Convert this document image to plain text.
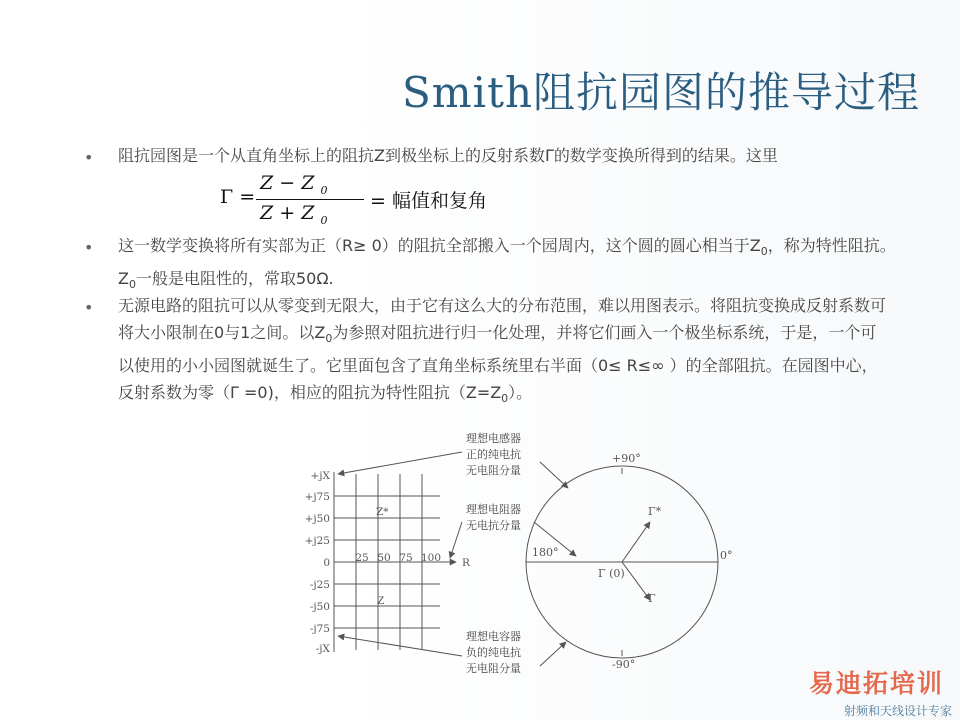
Smith阻抗园图的推导过程
• 阻抗园图是一个从直角坐标上的阻抗Z到极坐标上的反射系数Γ的数学变换所得到的结果。这里
Γ =
Z − Z $_0$
Z + Z $_0$
= 幅值和复角
• 这一数学变换将所有实部为正（R≥ 0）的阻抗全部搬入一个园周内，这个圆的圆心相当于$Z_0$，称为特性阻抗。$Z_0$一般是电阻性的，常取50Ω.
• 无源电路的阻抗可以从零变到无限大，由于它有这么大的分布范围，难以用图表示。将阻抗变换成反射系数可将大小限制在0与1之间。以$Z_0$为参照对阻抗进行归一化处理，并将它们画入一个极坐标系统，于是，一个可以使用的小小园图就诞生了。它里面包含了直角坐标系统里右半面（0≤ R≤∞ ）的全部阻抗。在园图中心，反射系数为零（Γ =0)，相应的阻抗为特性阻抗$(Z=Z_0)$。
+jX
+j75
+j50
+j25
0
-j25
-j50
-j75
-jX
25 50 75 100 R
Z*
Z
+90°
0°
180°
-90°
Γ (0)
Γ*
Γ
理想电感器
正的纯电抗
无电阻分量
理想电阻器
无电抗分量
理想电容器
负的纯电抗
无电阻分量
易迪拓培训
射频和天线设计专家
